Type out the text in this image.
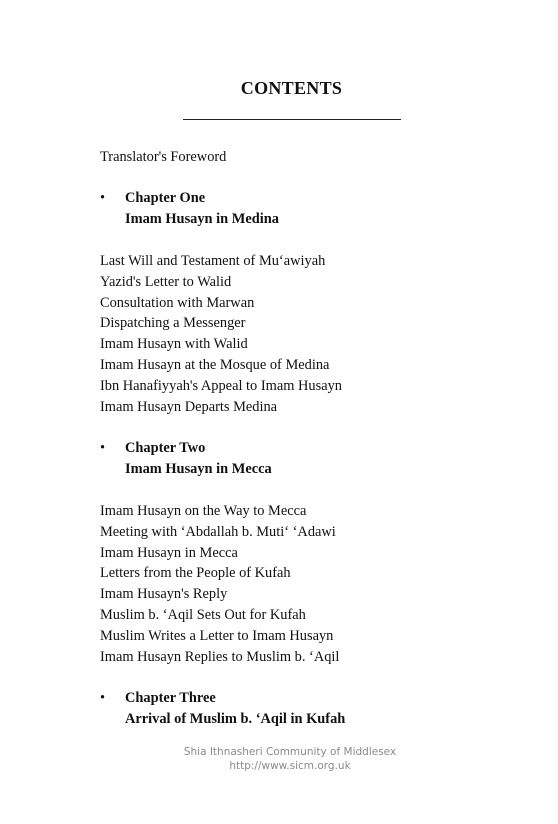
CONTENTS
Translator's Foreword
•	Chapter One
Imam Husayn in Medina
Last Will and Testament of Mu‘awiyah
Yazid's Letter to Walid
Consultation with Marwan
Dispatching a Messenger
Imam Husayn with Walid
Imam Husayn at the Mosque of Medina
Ibn Hanafiyyah's Appeal to Imam Husayn
Imam Husayn Departs Medina
•	Chapter Two
Imam Husayn in Mecca
Imam Husayn on the Way to Mecca
Meeting with ‘Abdallah b. Muti‘ ‘Adawi
Imam Husayn in Mecca
Letters from the People of Kufah
Imam Husayn's Reply
Muslim b. ‘Aqil Sets Out for Kufah
Muslim Writes a Letter to Imam Husayn
Imam Husayn Replies to Muslim b. ‘Aqil
•	Chapter Three
Arrival of Muslim b. ‘Aqil in Kufah
Shia Ithnasheri Community of Middlesex
http://www.sicm.org.uk
